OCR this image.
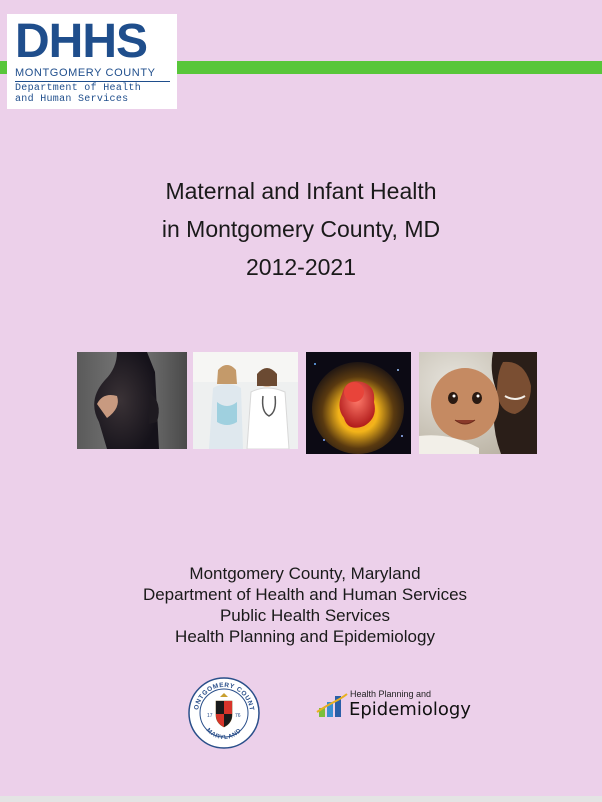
DHHS
MONTGOMERY COUNTY
Department of Health
and Human Services
Maternal and Infant Health
in Montgomery County, MD
2012-2021
Montgomery County, Maryland
Department of Health and Human Services
Public Health Services
Health Planning and Epidemiology
ONTGOMERY COUNT
MARYLAND
17	76
Health Planning and
Epidemiology
